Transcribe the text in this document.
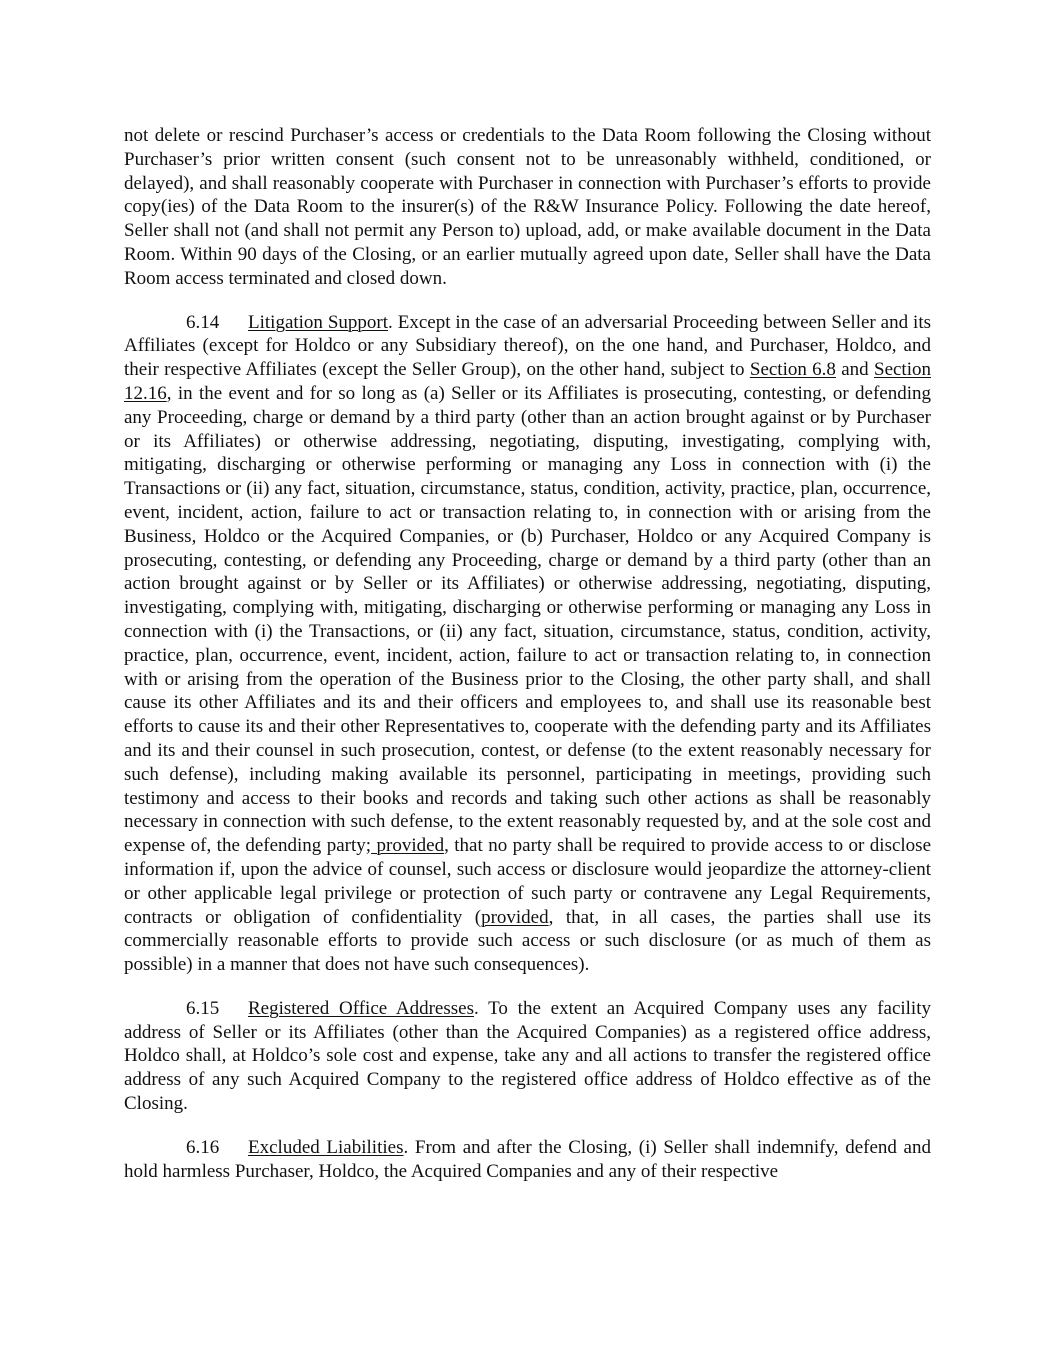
not delete or rescind Purchaser’s access or credentials to the Data Room following the Closing without Purchaser’s prior written consent (such consent not to be unreasonably withheld, conditioned, or delayed), and shall reasonably cooperate with Purchaser in connection with Purchaser’s efforts to provide copy(ies) of the Data Room to the insurer(s) of the R&W Insurance Policy. Following the date hereof, Seller shall not (and shall not permit any Person to) upload, add, or make available document in the Data Room. Within 90 days of the Closing, or an earlier mutually agreed upon date, Seller shall have the Data Room access terminated and closed down.

6.14 Litigation Support. Except in the case of an adversarial Proceeding between Seller and its Affiliates (except for Holdco or any Subsidiary thereof), on the one hand, and Purchaser, Holdco, and their respective Affiliates (except the Seller Group), on the other hand, subject to Section 6.8 and Section 12.16, in the event and for so long as (a) Seller or its Affiliates is prosecuting, contesting, or defending any Proceeding, charge or demand by a third party (other than an action brought against or by Purchaser or its Affiliates) or otherwise addressing, negotiating, disputing, investigating, complying with, mitigating, discharging or otherwise performing or managing any Loss in connection with (i) the Transactions or (ii) any fact, situation, circumstance, status, condition, activity, practice, plan, occurrence, event, incident, action, failure to act or transaction relating to, in connection with or arising from the Business, Holdco or the Acquired Companies, or (b) Purchaser, Holdco or any Acquired Company is prosecuting, contesting, or defending any Proceeding, charge or demand by a third party (other than an action brought against or by Seller or its Affiliates) or otherwise addressing, negotiating, disputing, investigating, complying with, mitigating, discharging or otherwise performing or managing any Loss in connection with (i) the Transactions, or (ii) any fact, situation, circumstance, status, condition, activity, practice, plan, occurrence, event, incident, action, failure to act or transaction relating to, in connection with or arising from the operation of the Business prior to the Closing, the other party shall, and shall cause its other Affiliates and its and their officers and employees to, and shall use its reasonable best efforts to cause its and their other Representatives to, cooperate with the defending party and its Affiliates and its and their counsel in such prosecution, contest, or defense (to the extent reasonably necessary for such defense), including making available its personnel, participating in meetings, providing such testimony and access to their books and records and taking such other actions as shall be reasonably necessary in connection with such defense, to the extent reasonably requested by, and at the sole cost and expense of, the defending party; provided, that no party shall be required to provide access to or disclose information if, upon the advice of counsel, such access or disclosure would jeopardize the attorney-client or other applicable legal privilege or protection of such party or contravene any Legal Requirements, contracts or obligation of confidentiality (provided, that, in all cases, the parties shall use its commercially reasonable efforts to provide such access or such disclosure (or as much of them as possible) in a manner that does not have such consequences).

6.15 Registered Office Addresses. To the extent an Acquired Company uses any facility address of Seller or its Affiliates (other than the Acquired Companies) as a registered office address, Holdco shall, at Holdco’s sole cost and expense, take any and all actions to transfer the registered office address of any such Acquired Company to the registered office address of Holdco effective as of the Closing.

6.16 Excluded Liabilities. From and after the Closing, (i) Seller shall indemnify, defend and hold harmless Purchaser, Holdco, the Acquired Companies and any of their respective
